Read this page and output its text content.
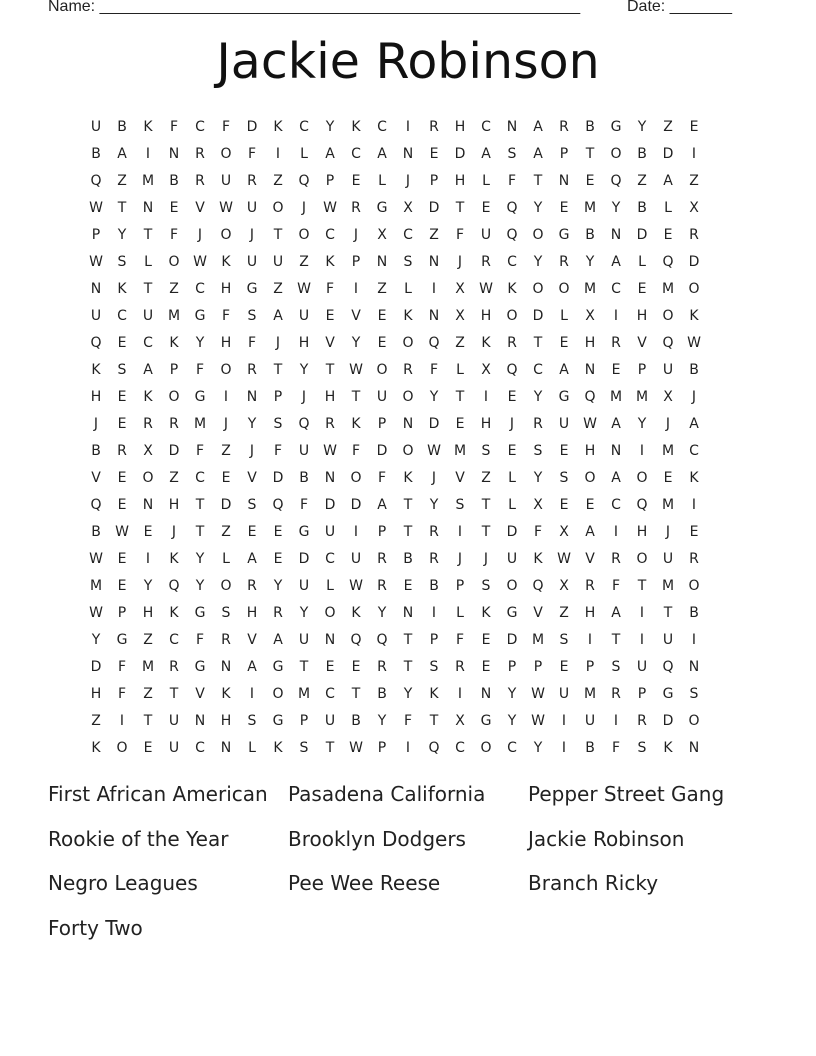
Name: ______________________________________________________	Date: _______
Jackie Robinson
U	B	K	F	C	F	D	K	C	Y	K	C	I	R	H	C	N	A	R	B	G	Y	Z	E
B	A	I	N	R	O	F	I	L	A	C	A	N	E	D	A	S	A	P	T	O	B	D	I
Q	Z	M	B	R	U	R	Z	Q	P	E	L	J	P	H	L	F	T	N	E	Q	Z	A	Z
W	T	N	E	V	W U	O	J	W	R	G	X	D	T	E	Q	Y	E	M	Y	B	L	X
P	Y	T	F	J	O	J	T	O	C	J	X	C	Z	F	U	Q	O	G	B	N	D	E	R
W	S	L	O W	K	U	U	Z	K	P	N	S	N	J	R	C	Y	R	Y	A	L	Q	D
N	K	T	Z	C	H	G	Z	W	F	I	Z	L	I	X	W	K	O	O	M	C	E	M	O
U	C	U	M	G	F	S	A	U	E	V	E	K	N	X	H	O	D	L	X	I	H	O	K
Q	E	C	K	Y	H	F	J	H	V	Y	E	O	Q	Z	K	R	T	E	H	R	V	Q W
K	S	A	P	F	O	R	T	Y	T	W O	R	F	L	X	Q	C	A	N	E	P	U	B
H	E	K	O	G	I	N	P	J	H	T	U	O	Y	T	I	E	Y	G	Q	M M	X	J
J	E	R	R	M	J	Y	S	Q	R	K	P	N	D	E	H	J	R	U W	A	Y	J	A
B	R	X	D	F	Z	J	F	U W	F	D	O W M	S	E	S	E	H	N	I	M	C
V	E	O	Z	C	E	V	D	B	N	O	F	K	J	V	Z	L	Y	S	O	A	O	E	K
Q	E	N	H	T	D	S	Q	F	D	D	A	T	Y	S	T	L	X	E	E	C	Q	M	I
B	W	E	J	T	Z	E	E	G	U	I	P	T	R	I	T	D	F	X	A	I	H	J	E
W	E	I	K	Y	L	A	E	D	C	U	R	B	R	J	J	U	K	W	V	R	O	U	R
M	E	Y	Q	Y	O	R	Y	U	L	W	R	E	B	P	S	O	Q	X	R	F	T	M	O
W	P	H	K	G	S	H	R	Y	O	K	Y	N	I	L	K	G	V	Z	H	A	I	T	B
Y	G	Z	C	F	R	V	A	U	N	Q	Q	T	P	F	E	D	M	S	I	T	I	U	I
D	F	M	R	G	N	A	G	T	E	E	R	T	S	R	E	P	P	E	P	S	U	Q	N
H	F	Z	T	V	K	I	O	M	C	T	B	Y	K	I	N	Y	W U	M	R	P	G	S
Z	I	T	U	N	H	S	G	P	U	B	Y	F	T	X	G	Y	W	I	U	I	R	D	O
K	O	E	U	C	N	L	K	S	T	W	P	I	Q	C	O	C	Y	I	B	F	S	K	N
First African American	Pasadena California	Pepper Street Gang
Rookie of the Year	Brooklyn Dodgers	Jackie Robinson
Negro Leagues	Pee Wee Reese	Branch Ricky
Forty Two
